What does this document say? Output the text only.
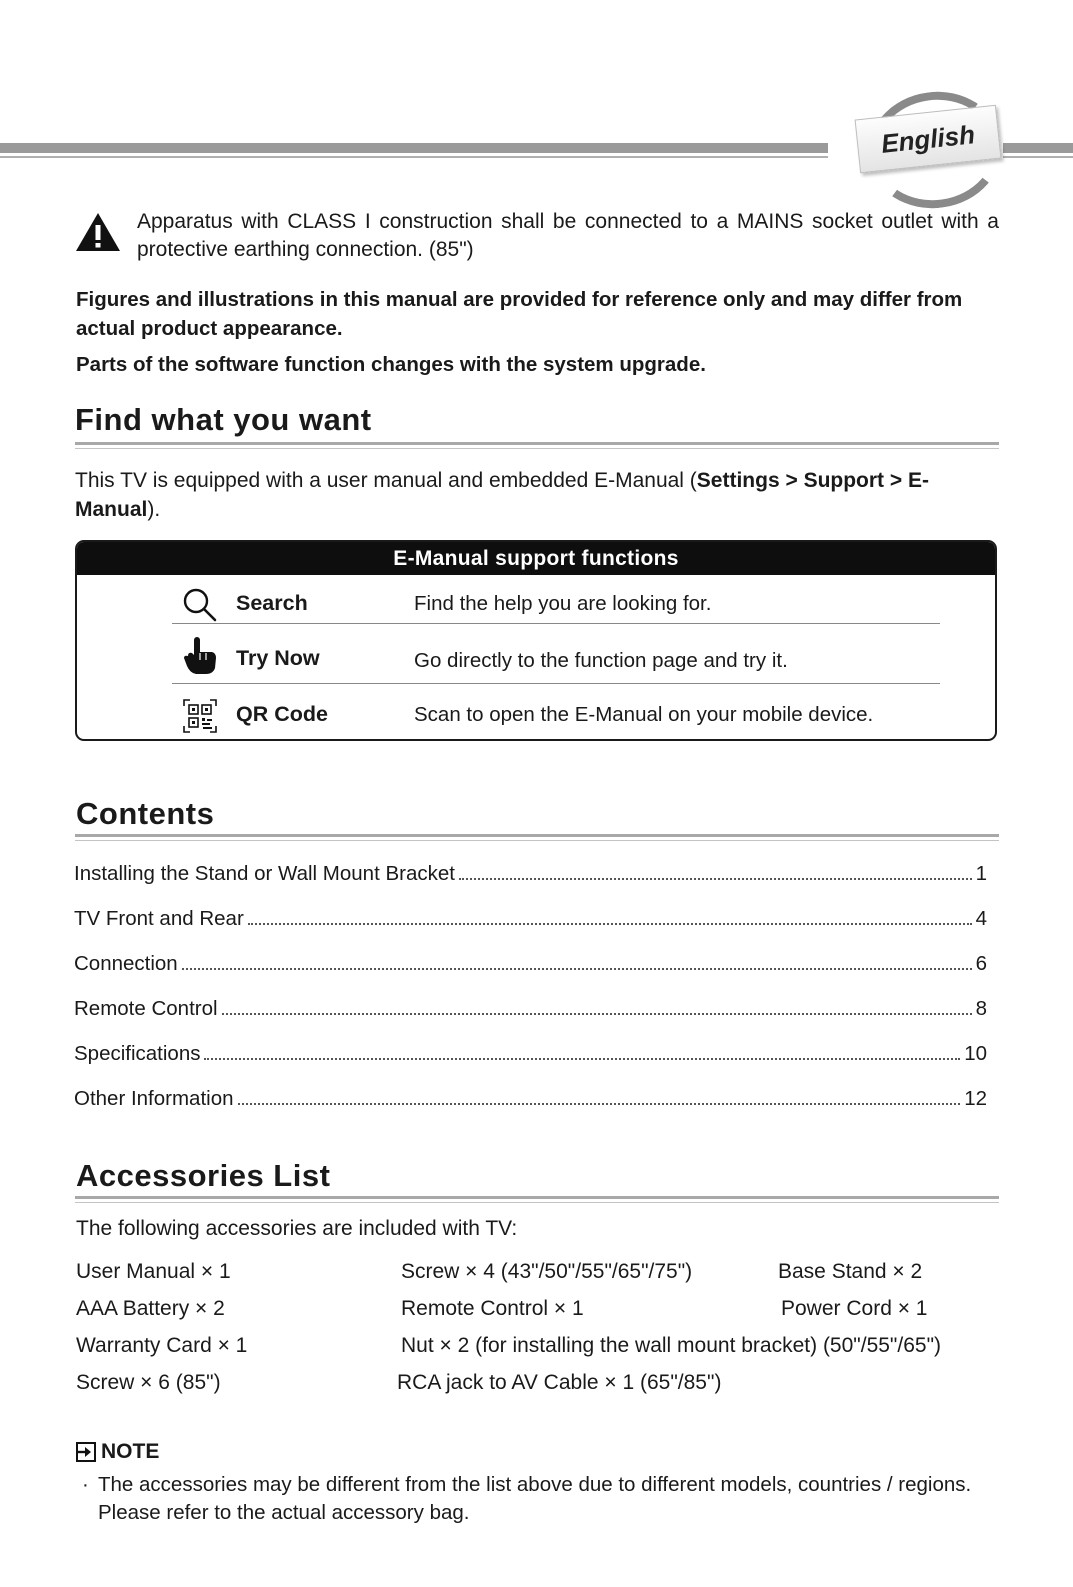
English
Apparatus with CLASS I construction shall be connected to a MAINS socket outlet with a protective earthing connection. (85")
Figures and illustrations in this manual are provided for reference only and may differ from actual product appearance.
Parts of the software function changes with the system upgrade.
Find what you want
This TV is equipped with a user manual and embedded E-Manual (Settings > Support > E-Manual).
E-Manual support functions
Search	Find the help you are looking for.
Try Now	Go directly to the function page and try it.
QR Code	Scan to open the E-Manual on your mobile device.
Contents
Installing the Stand or Wall Mount Bracket	1
TV Front and Rear	4
Connection	6
Remote Control	8
Specifications	10
Other Information	12
Accessories List
The following accessories are included with TV:
User Manual × 1	Screw × 4 (43"/50"/55"/65"/75")	Base Stand × 2
AAA Battery × 2	Remote Control × 1	Power Cord × 1
Warranty Card × 1	Nut × 2 (for installing the wall mount bracket) (50"/55"/65")
Screw × 6 (85")	RCA jack to AV Cable × 1 (65"/85")
NOTE
· The accessories may be different from the list above due to different models, countries / regions. Please refer to the actual accessory bag.
